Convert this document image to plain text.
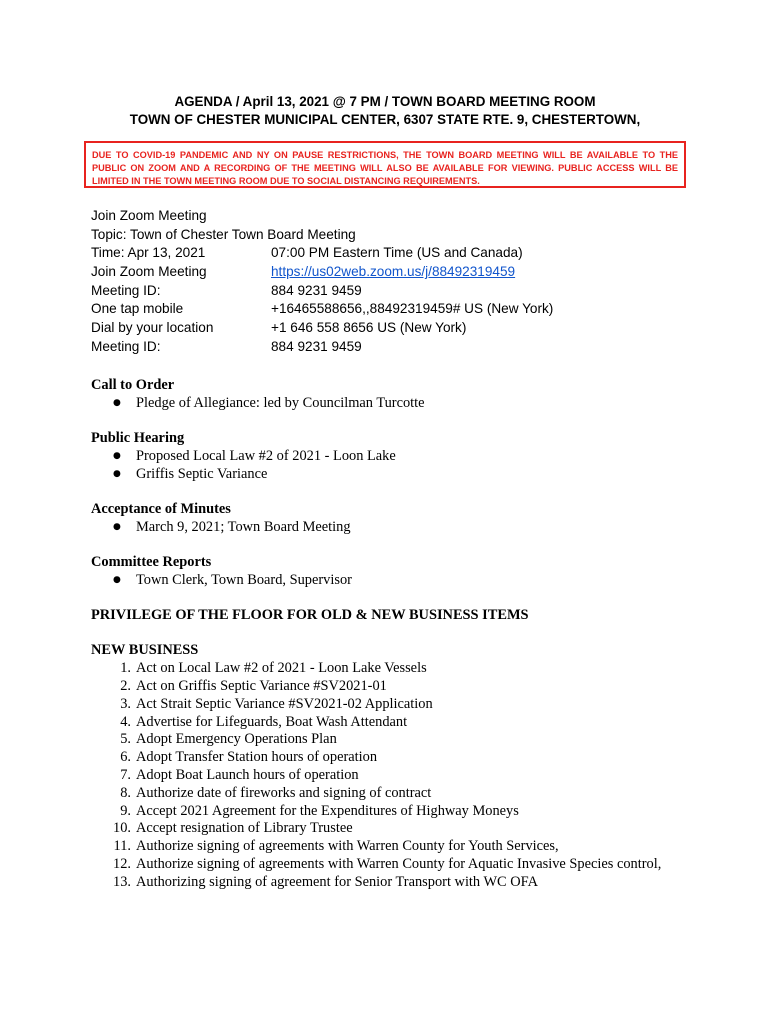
AGENDA / April 13, 2021 @ 7 PM / TOWN BOARD MEETING ROOM
TOWN OF CHESTER MUNICIPAL CENTER, 6307 STATE RTE. 9, CHESTERTOWN,
DUE TO COVID-19 PANDEMIC AND NY ON PAUSE RESTRICTIONS, THE TOWN BOARD MEETING WILL BE AVAILABLE TO THE PUBLIC ON ZOOM AND A RECORDING OF THE MEETING WILL ALSO BE AVAILABLE FOR VIEWING. PUBLIC ACCESS WILL BE LIMITED IN THE TOWN MEETING ROOM DUE TO SOCIAL DISTANCING REQUIREMENTS.
Join Zoom Meeting
Topic: Town of Chester Town Board Meeting
Time: Apr 13, 2021	07:00 PM Eastern Time (US and Canada)
Join Zoom Meeting	https://us02web.zoom.us/j/88492319459
Meeting ID:	884 9231 9459
One tap mobile	+16465588656,,88492319459# US (New York)
Dial by your location	+1 646 558 8656 US (New York)
Meeting ID:	884 9231 9459
Call to Order
● Pledge of Allegiance: led by Councilman Turcotte
Public Hearing
● Proposed Local Law #2 of 2021 - Loon Lake
● Griffis Septic Variance
Acceptance of Minutes
● March 9, 2021; Town Board Meeting
Committee Reports
● Town Clerk, Town Board, Supervisor
PRIVILEGE OF THE FLOOR FOR OLD & NEW BUSINESS ITEMS
NEW BUSINESS
1. Act on Local Law #2 of 2021 - Loon Lake Vessels
2. Act on Griffis Septic Variance #SV2021-01
3. Act Strait Septic Variance #SV2021-02 Application
4. Advertise for Lifeguards, Boat Wash Attendant
5. Adopt Emergency Operations Plan
6. Adopt Transfer Station hours of operation
7. Adopt Boat Launch hours of operation
8. Authorize date of fireworks and signing of contract
9. Accept 2021 Agreement for the Expenditures of Highway Moneys
10. Accept resignation of Library Trustee
11. Authorize signing of agreements with Warren County for Youth Services,
12. Authorize signing of agreements with Warren County for Aquatic Invasive Species control,
13. Authorizing signing of agreement for Senior Transport with WC OFA
